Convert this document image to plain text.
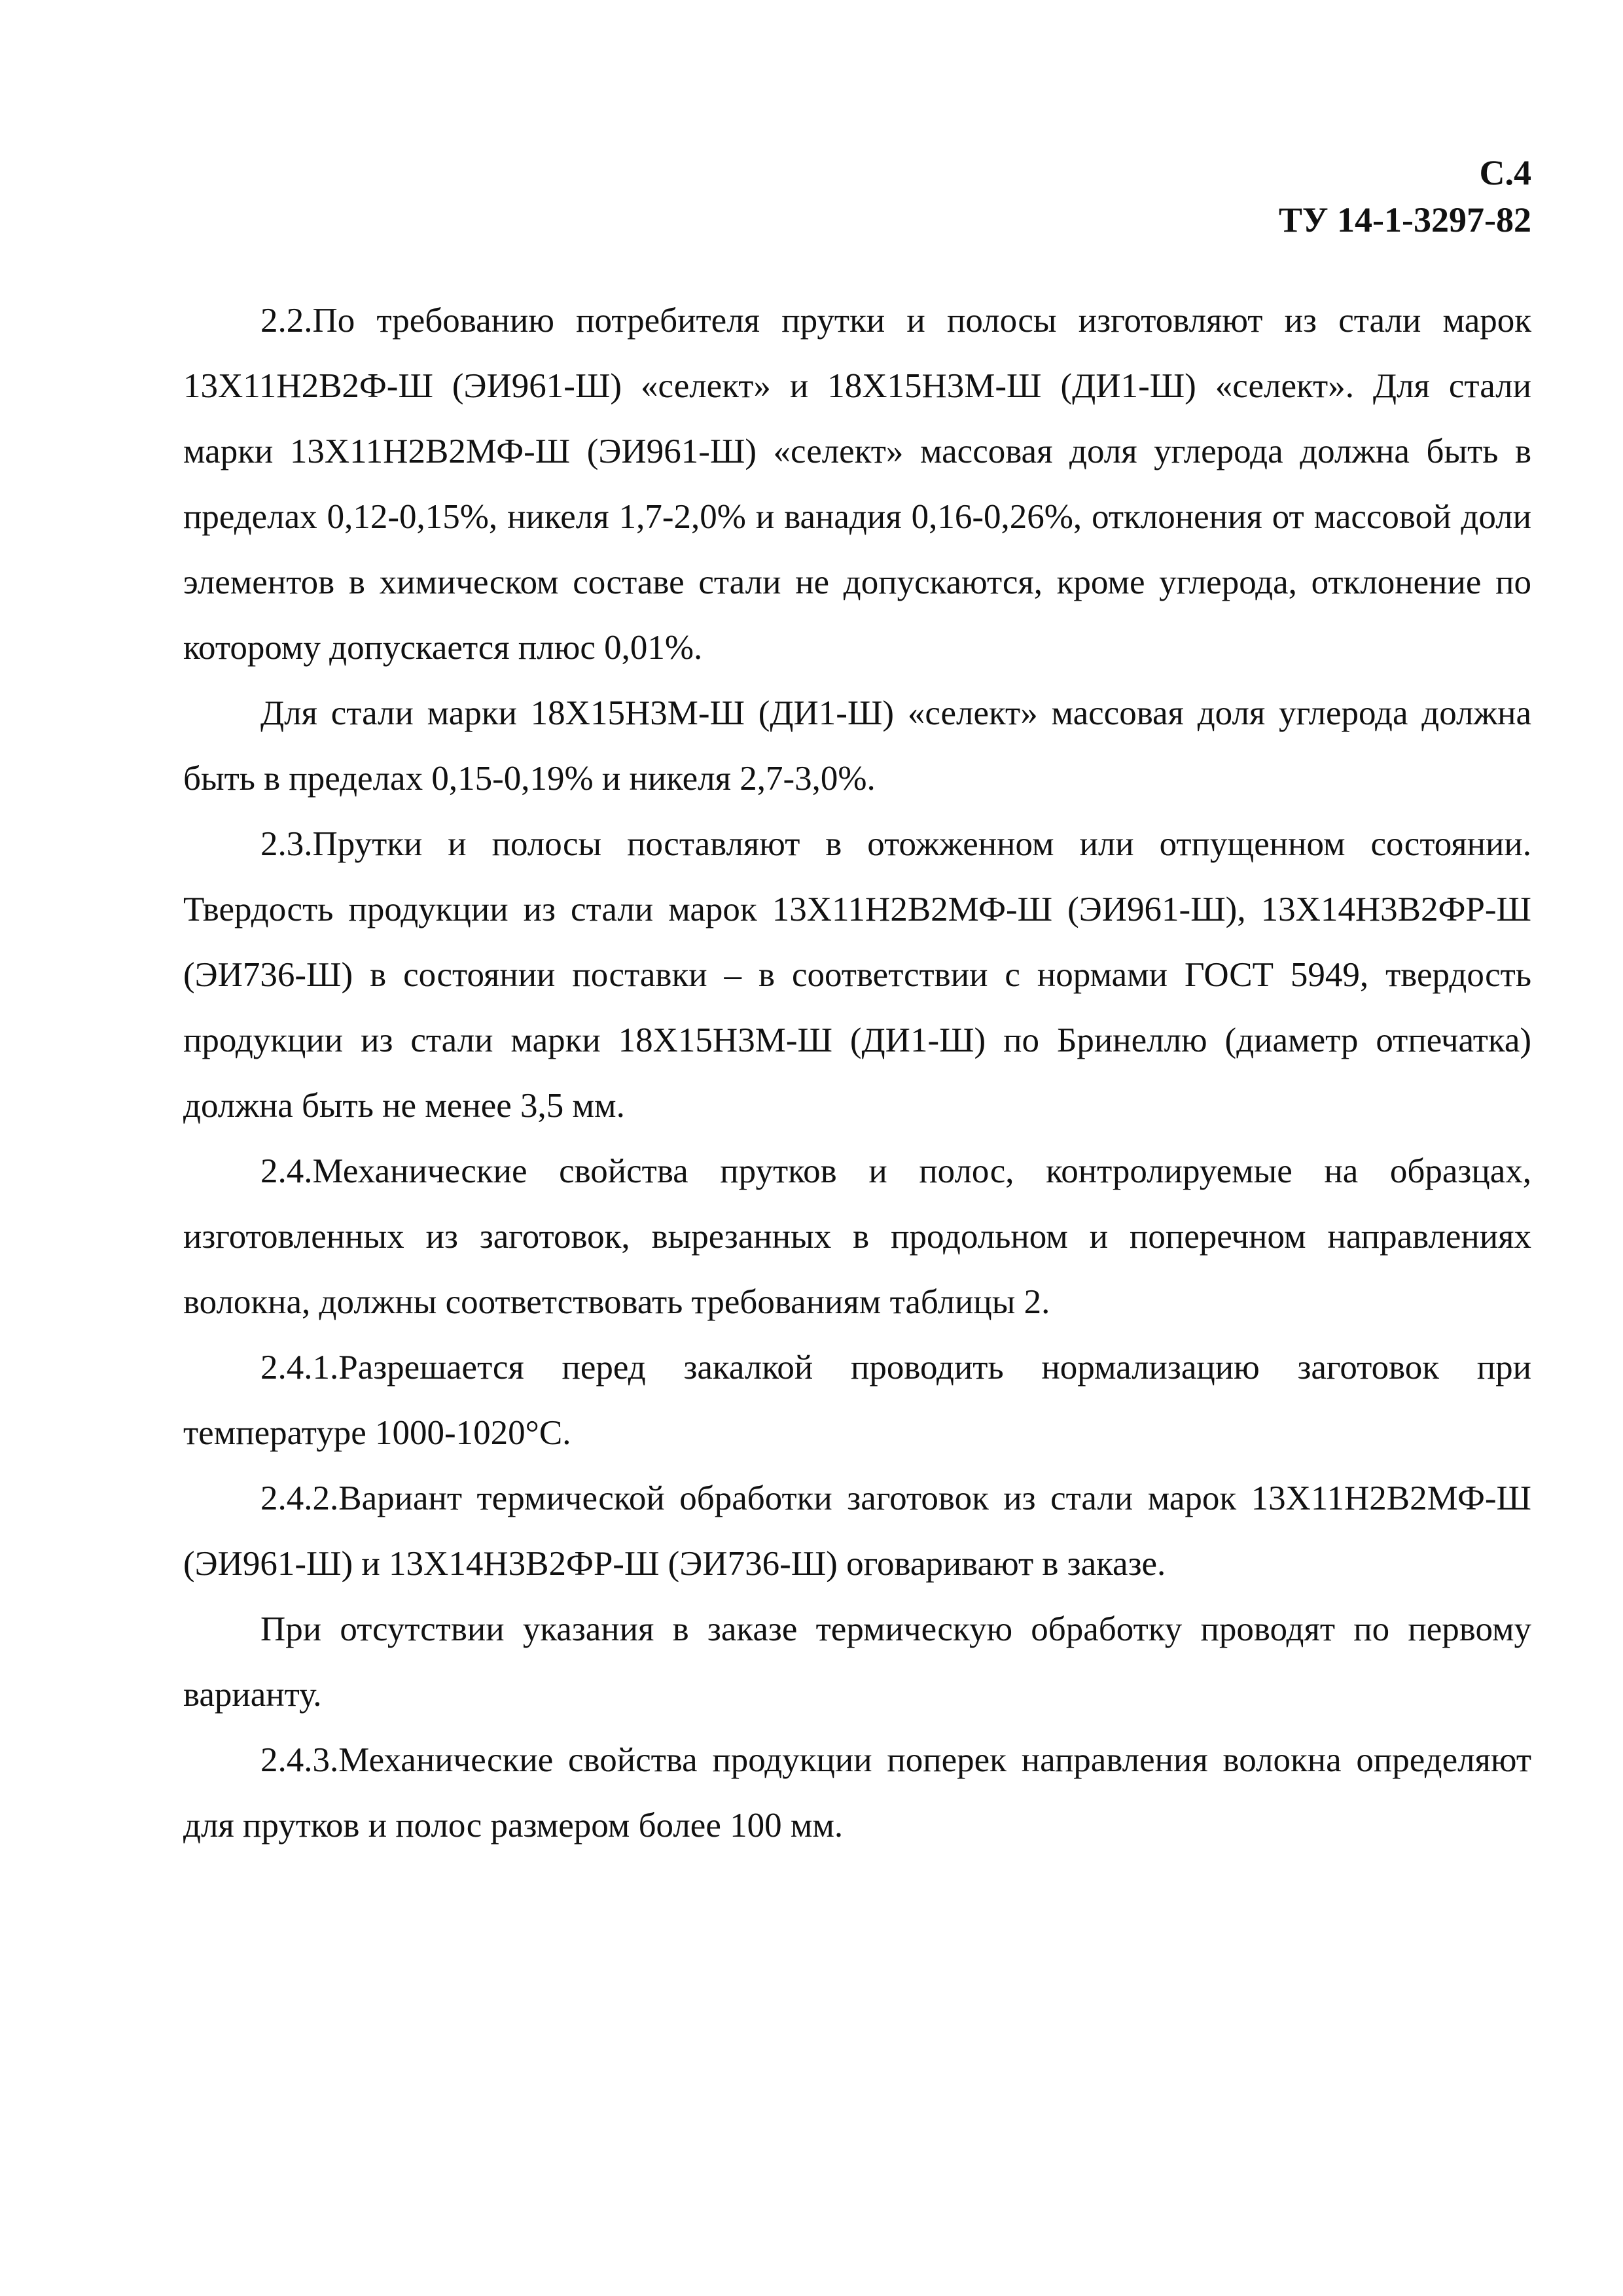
С.4
ТУ 14-1-3297-82

2.2.По требованию потребителя прутки и полосы изготовляют из стали марок 13Х11Н2В2Ф-Ш (ЭИ961-Ш) «селект» и 18Х15Н3М-Ш (ДИ1-Ш) «селект». Для стали марки 13Х11Н2В2МФ-Ш (ЭИ961-Ш) «селект» массовая доля углерода должна быть в пределах 0,12-0,15%, никеля 1,7-2,0% и ванадия 0,16-0,26%, отклонения от массовой доли элементов в химическом составе стали не допускаются, кроме углерода, отклонение по которому допускается плюс 0,01%.

Для стали марки 18Х15Н3М-Ш (ДИ1-Ш) «селект» массовая доля углерода должна быть в пределах 0,15-0,19% и никеля 2,7-3,0%.

2.3.Прутки и полосы поставляют в отожженном или отпущенном состоянии. Твердость продукции из стали марок 13Х11Н2В2МФ-Ш (ЭИ961-Ш), 13Х14Н3В2ФР-Ш (ЭИ736-Ш) в состоянии поставки – в соответствии с нормами ГОСТ 5949, твердость продукции из стали марки 18Х15Н3М-Ш (ДИ1-Ш) по Бринеллю (диаметр отпечатка) должна быть не менее 3,5 мм.

2.4.Механические свойства прутков и полос, контролируемые на образцах, изготовленных из заготовок, вырезанных в продольном и поперечном направлениях волокна, должны соответствовать требованиям таблицы 2.

2.4.1.Разрешается перед закалкой проводить нормализацию заготовок при температуре 1000-1020°С.

2.4.2.Вариант термической обработки заготовок из стали марок 13Х11Н2В2МФ-Ш (ЭИ961-Ш) и 13Х14Н3В2ФР-Ш (ЭИ736-Ш) оговаривают в заказе.

При отсутствии указания в заказе термическую обработку проводят по первому варианту.

2.4.3.Механические свойства продукции поперек направления волокна определяют для прутков и полос размером более 100 мм.
